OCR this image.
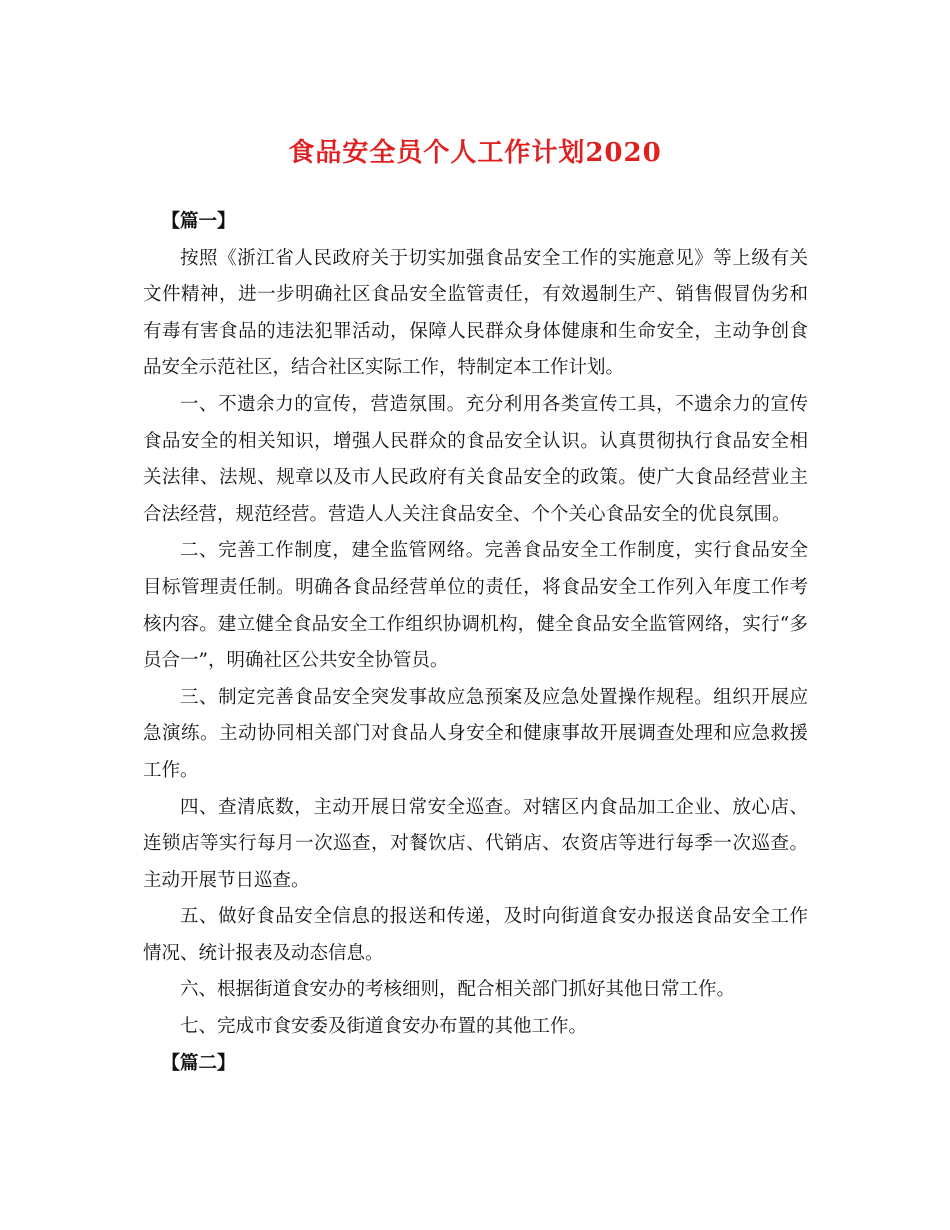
食品安全员个人工作计划2020

【篇一】

按照《浙江省人民政府关于切实加强食品安全工作的实施意见》等上级有关文件精神，进一步明确社区食品安全监管责任，有效遏制生产、销售假冒伪劣和有毒有害食品的违法犯罪活动，保障人民群众身体健康和生命安全，主动争创食品安全示范社区，结合社区实际工作，特制定本工作计划。

一、不遗余力的宣传，营造氛围。充分利用各类宣传工具，不遗余力的宣传食品安全的相关知识，增强人民群众的食品安全认识。认真贯彻执行食品安全相关法律、法规、规章以及市人民政府有关食品安全的政策。使广大食品经营业主合法经营，规范经营。营造人人关注食品安全、个个关心食品安全的优良氛围。

二、完善工作制度，建全监管网络。完善食品安全工作制度，实行食品安全目标管理责任制。明确各食品经营单位的责任，将食品安全工作列入年度工作考核内容。建立健全食品安全工作组织协调机构，健全食品安全监管网络，实行“多员合一”，明确社区公共安全协管员。

三、制定完善食品安全突发事故应急预案及应急处置操作规程。组织开展应急演练。主动协同相关部门对食品人身安全和健康事故开展调查处理和应急救援工作。

四、查清底数，主动开展日常安全巡查。对辖区内食品加工企业、放心店、连锁店等实行每月一次巡查，对餐饮店、代销店、农资店等进行每季一次巡查。主动开展节日巡查。

五、做好食品安全信息的报送和传递，及时向街道食安办报送食品安全工作情况、统计报表及动态信息。

六、根据街道食安办的考核细则，配合相关部门抓好其他日常工作。

七、完成市食安委及街道食安办布置的其他工作。

【篇二】
